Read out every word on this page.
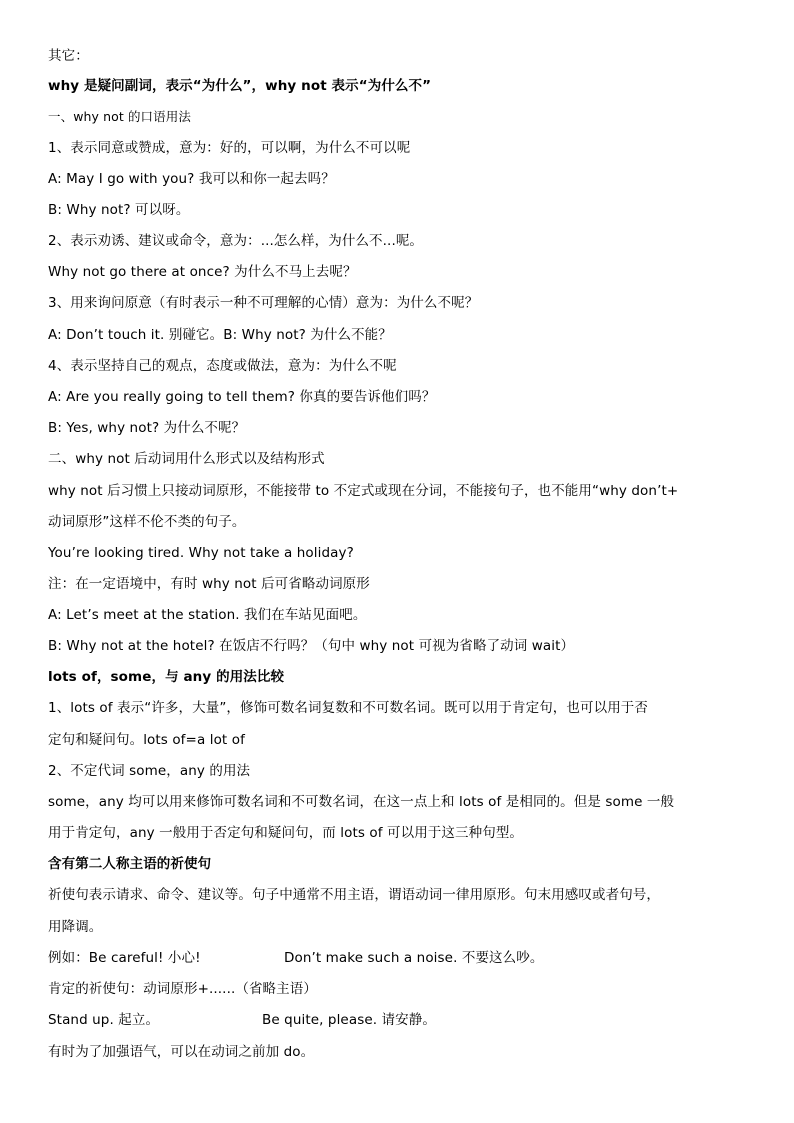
其它：
why 是疑问副词，表示“为什么”，why not 表示“为什么不”
一、why not 的口语用法
1、表示同意或赞成，意为：好的，可以啊，为什么不可以呢
A: May I go with you? 我可以和你一起去吗？
B: Why not? 可以呀。
2、表示劝诱、建议或命令，意为：...怎么样，为什么不...呢。
Why not go there at once? 为什么不马上去呢？
3、用来询问原意（有时表示一种不可理解的心情）意为：为什么不呢？
A: Don’t touch it. 别碰它。B: Why not? 为什么不能？
4、表示坚持自己的观点，态度或做法，意为：为什么不呢
A: Are you really going to tell them? 你真的要告诉他们吗？
B: Yes, why not? 为什么不呢？
二、why not 后动词用什么形式以及结构形式
why not 后习惯上只接动词原形，不能接带 to 不定式或现在分词，不能接句子，也不能用“why don’t+
动词原形”这样不伦不类的句子。
You’re looking tired. Why not take a holiday?
注：在一定语境中，有时 why not 后可省略动词原形
A: Let’s meet at the station. 我们在车站见面吧。
B: Why not at the hotel? 在饭店不行吗？（句中 why not 可视为省略了动词 wait）
lots of，some，与 any 的用法比较
1、lots of 表示“许多，大量”，修饰可数名词复数和不可数名词。既可以用于肯定句，也可以用于否
定句和疑问句。lots of=a lot of
2、不定代词 some，any 的用法
some，any 均可以用来修饰可数名词和不可数名词，在这一点上和 lots of 是相同的。但是 some 一般
用于肯定句，any 一般用于否定句和疑问句，而 lots of 可以用于这三种句型。
含有第二人称主语的祈使句
祈使句表示请求、命令、建议等。句子中通常不用主语，谓语动词一律用原形。句末用感叹或者句号，
用降调。
例如：Be careful! 小心!	Don’t make such a noise. 不要这么吵。
肯定的祈使句：动词原形+......（省略主语）
Stand up. 起立。	Be quite, please. 请安静。
有时为了加强语气，可以在动词之前加 do。
